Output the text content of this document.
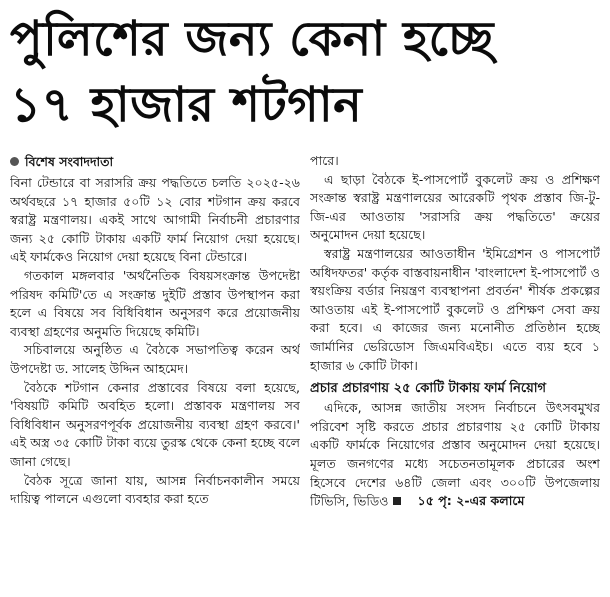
পুলিশের জন্য কেনা হচ্ছে
১৭ হাজার শটগান
বিশেষ সংবাদদাতা

বিনা টেন্ডারে বা সরাসরি ক্রয় পদ্ধতিতে চলতি ২০২৫-২৬ অর্থবছরে ১৭ হাজার ৫০টি ১২ বোর শটগান ক্রয় করবে স্বরাষ্ট্র মন্ত্রণালয়। একই সাথে আগামী নির্বাচনী প্রচারণার জন্য ২৫ কোটি টাকায় একটি ফার্ম নিয়োগ দেয়া হয়েছে। এই ফার্মকেও নিয়োগ দেয়া হয়েছে বিনা টেন্ডারে।

গতকাল মঙ্গলবার 'অর্থনৈতিক বিষয়সংক্রান্ত উপদেষ্টা পরিষদ কমিটি'তে এ সংক্রান্ত দুইটি প্রস্তাব উপস্থাপন করা হলে এ বিষয়ে সব বিধিবিধান অনুসরণ করে প্রয়োজনীয় ব্যবস্থা গ্রহণের অনুমতি দিয়েছে কমিটি।

সচিবালয়ে অনুষ্ঠিত এ বৈঠকে সভাপতিত্ব করেন অর্থ উপদেষ্টা ড. সালেহ উদ্দিন আহমেদ।

বৈঠকে শটগান কেনার প্রস্তাবের বিষয়ে বলা হয়েছে, 'বিষয়টি কমিটি অবহিত হলো। প্রস্তাবক মন্ত্রণালয় সব বিধিবিধান অনুসরণপূর্বক প্রয়োজনীয় ব্যবস্থা গ্রহণ করবে।' এই অস্ত্র ৩৫ কোটি টাকা ব্যয়ে তুরস্ক থেকে কেনা হচ্ছে বলে জানা গেছে।

বৈঠক সূত্রে জানা যায়, আসন্ন নির্বাচনকালীন সময়ে দায়িত্ব পালনে এগুলো ব্যবহার করা হতে

পারে।

এ ছাড়া বৈঠকে ই-পাসপোর্ট বুকলেট ক্রয় ও প্রশিক্ষণ সংক্রান্ত স্বরাষ্ট্র মন্ত্রণালয়ের আরেকটি পৃথক প্রস্তাব জি-টু-জি-এর আওতায় 'সরাসরি ক্রয় পদ্ধতিতে' ক্রয়ের অনুমোদন দেয়া হয়েছে।

স্বরাষ্ট্র মন্ত্রণালয়ের আওতাধীন 'ইমিগ্রেশন ও পাসপোর্ট অধিদফতর' কর্তৃক বাস্তবায়নাধীন 'বাংলাদেশ ই-পাসপোর্ট ও স্বয়ংক্রিয় বর্ডার নিয়ন্ত্রণ ব্যবস্থাপনা প্রবর্তন' শীর্ষক প্রকল্পের আওতায় এই ই-পাসপোর্ট বুকলেট ও প্রশিক্ষণ সেবা ক্রয় করা হবে। এ কাজের জন্য মনোনীত প্রতিষ্ঠান হচ্ছে জার্মানির ভেরিডোস জিএমবিএইচ। এতে ব্যয় হবে ১ হাজার ৬ কোটি টাকা।

প্রচার প্রচারণায় ২৫ কোটি টাকায় ফার্ম নিয়োগ

এদিকে, আসন্ন জাতীয় সংসদ নির্বাচনে উৎসবমুখর পরিবেশ সৃষ্টি করতে প্রচার প্রচারণায় ২৫ কোটি টাকায় একটি ফার্মকে নিয়োগের প্রস্তাব অনুমোদন দেয়া হয়েছে। মূলত জনগণের মধ্যে সচেতনতামূলক প্রচারের অংশ হিসেবে দেশের ৬৪টি জেলা এবং ৩০০টি উপজেলায় টিভিসি, ভিডিও	১৫ পৃ: ২-এর কলামে
